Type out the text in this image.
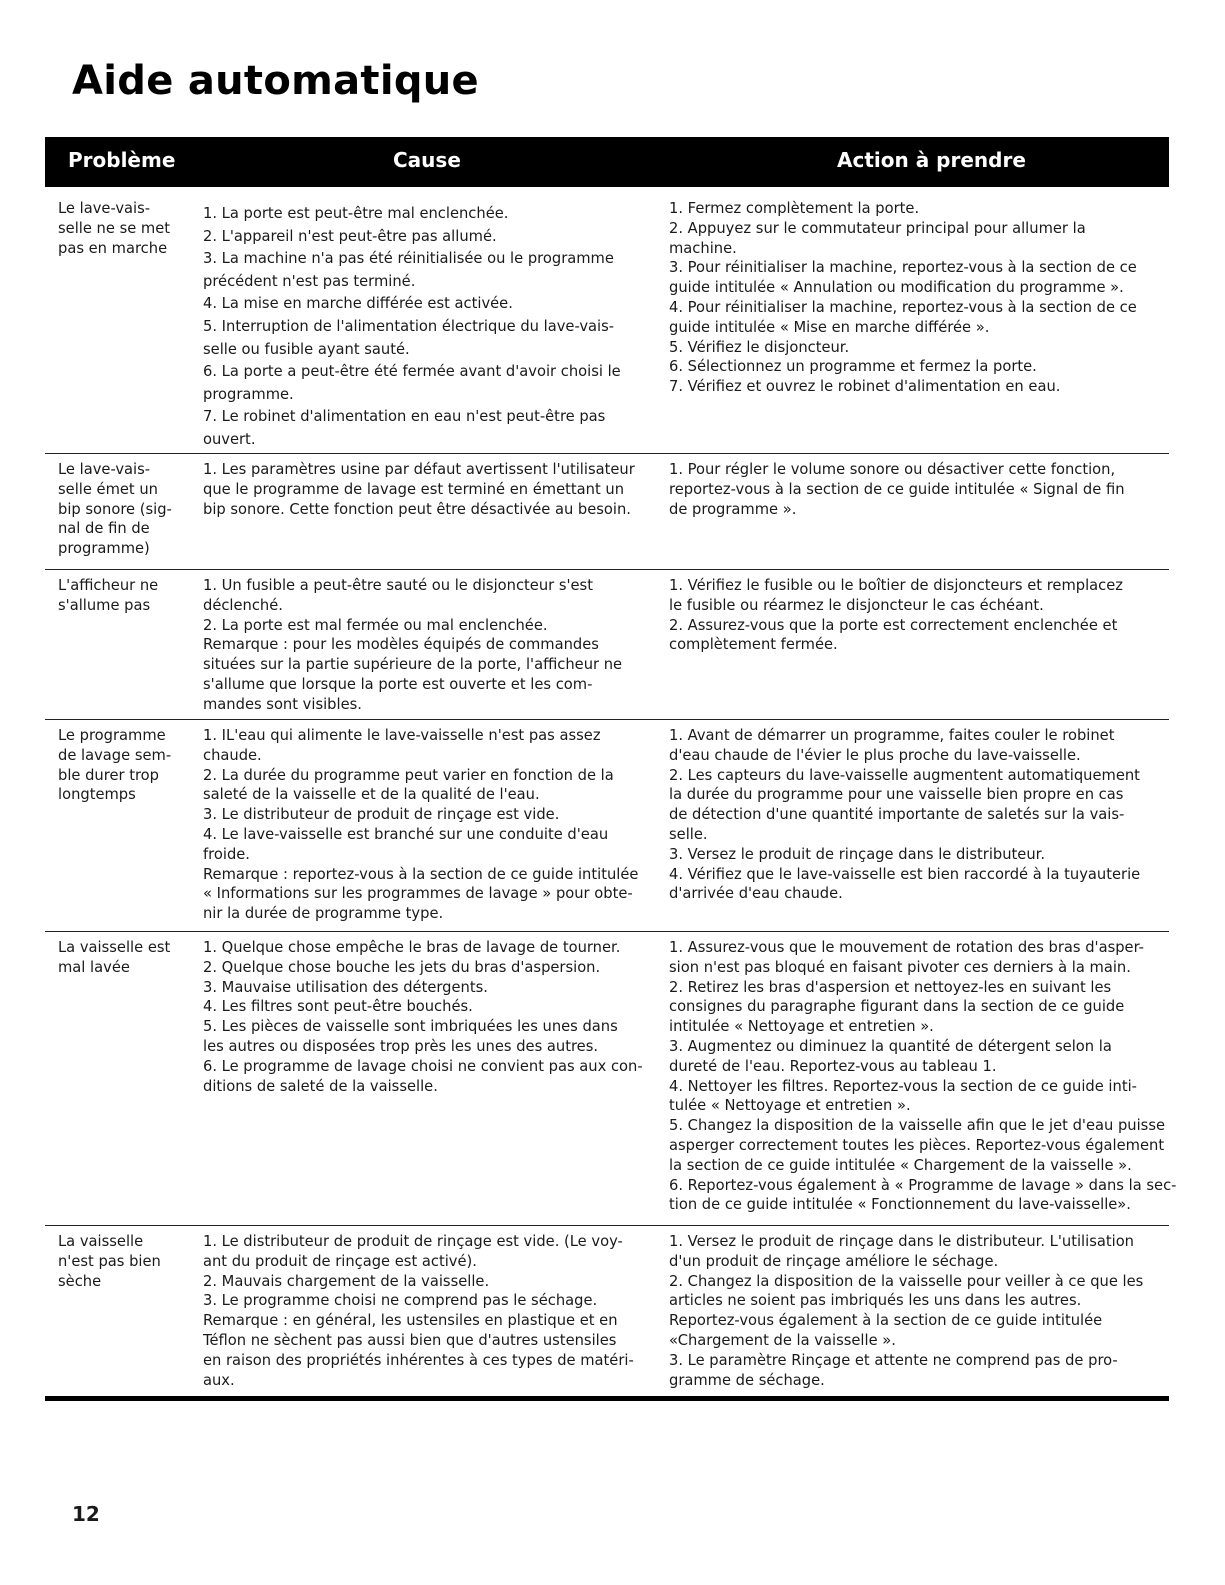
Aide automatique
Problème	Cause	Action à prendre
Le lave-vais-
selle ne se met
pas en marche
1. La porte est peut-être mal enclenchée.
2. L'appareil n'est peut-être pas allumé.
3. La machine n'a pas été réinitialisée ou le programme
précédent n'est pas terminé.
4. La mise en marche différée est activée.
5. Interruption de l'alimentation électrique du lave-vais-
selle ou fusible ayant sauté.
6. La porte a peut-être été fermée avant d'avoir choisi le
programme.
7. Le robinet d'alimentation en eau n'est peut-être pas
ouvert.
1. Fermez complètement la porte.
2. Appuyez sur le commutateur principal pour allumer la
machine.
3. Pour réinitialiser la machine, reportez-vous à la section de ce
guide intitulée « Annulation ou modification du programme ».
4. Pour réinitialiser la machine, reportez-vous à la section de ce
guide intitulée « Mise en marche différée ».
5. Vérifiez le disjoncteur.
6. Sélectionnez un programme et fermez la porte.
7. Vérifiez et ouvrez le robinet d'alimentation en eau.
Le lave-vais-
selle émet un
bip sonore (sig-
nal de fin de
programme)
1. Les paramètres usine par défaut avertissent l'utilisateur
que le programme de lavage est terminé en émettant un
bip sonore. Cette fonction peut être désactivée au besoin.
1. Pour régler le volume sonore ou désactiver cette fonction,
reportez-vous à la section de ce guide intitulée « Signal de fin
de programme ».
L'afficheur ne
s'allume pas
1. Un fusible a peut-être sauté ou le disjoncteur s'est
déclenché.
2. La porte est mal fermée ou mal enclenchée.
Remarque : pour les modèles équipés de commandes
situées sur la partie supérieure de la porte, l'afficheur ne
s'allume que lorsque la porte est ouverte et les com-
mandes sont visibles.
1. Vérifiez le fusible ou le boîtier de disjoncteurs et remplacez
le fusible ou réarmez le disjoncteur le cas échéant.
2. Assurez-vous que la porte est correctement enclenchée et
complètement fermée.
Le programme
de lavage sem-
ble durer trop
longtemps
1. IL'eau qui alimente le lave-vaisselle n'est pas assez
chaude.
2. La durée du programme peut varier en fonction de la
saleté de la vaisselle et de la qualité de l'eau.
3. Le distributeur de produit de rinçage est vide.
4. Le lave-vaisselle est branché sur une conduite d'eau
froide.
Remarque : reportez-vous à la section de ce guide intitulée
« Informations sur les programmes de lavage » pour obte-
nir la durée de programme type.
1. Avant de démarrer un programme, faites couler le robinet
d'eau chaude de l'évier le plus proche du lave-vaisselle.
2. Les capteurs du lave-vaisselle augmentent automatiquement
la durée du programme pour une vaisselle bien propre en cas
de détection d'une quantité importante de saletés sur la vais-
selle.
3. Versez le produit de rinçage dans le distributeur.
4. Vérifiez que le lave-vaisselle est bien raccordé à la tuyauterie
d'arrivée d'eau chaude.
La vaisselle est
mal lavée
1. Quelque chose empêche le bras de lavage de tourner.
2. Quelque chose bouche les jets du bras d'aspersion.
3. Mauvaise utilisation des détergents.
4. Les filtres sont peut-être bouchés.
5. Les pièces de vaisselle sont imbriquées les unes dans
les autres ou disposées trop près les unes des autres.
6. Le programme de lavage choisi ne convient pas aux con-
ditions de saleté de la vaisselle.
1. Assurez-vous que le mouvement de rotation des bras d'asper-
sion n'est pas bloqué en faisant pivoter ces derniers à la main.
2. Retirez les bras d'aspersion et nettoyez-les en suivant les
consignes du paragraphe figurant dans la section de ce guide
intitulée « Nettoyage et entretien ».
3. Augmentez ou diminuez la quantité de détergent selon la
dureté de l'eau. Reportez-vous au tableau 1.
4. Nettoyer les filtres. Reportez-vous la section de ce guide inti-
tulée « Nettoyage et entretien ».
5. Changez la disposition de la vaisselle afin que le jet d'eau puisse
asperger correctement toutes les pièces. Reportez-vous également
la section de ce guide intitulée « Chargement de la vaisselle ».
6. Reportez-vous également à « Programme de lavage » dans la sec-
tion de ce guide intitulée « Fonctionnement du lave-vaisselle».
La vaisselle
n'est pas bien
sèche
1. Le distributeur de produit de rinçage est vide. (Le voy-
ant du produit de rinçage est activé).
2. Mauvais chargement de la vaisselle.
3. Le programme choisi ne comprend pas le séchage.
Remarque : en général, les ustensiles en plastique et en
Téflon ne sèchent pas aussi bien que d'autres ustensiles
en raison des propriétés inhérentes à ces types de matéri-
aux.
1. Versez le produit de rinçage dans le distributeur. L'utilisation
d'un produit de rinçage améliore le séchage.
2. Changez la disposition de la vaisselle pour veiller à ce que les
articles ne soient pas imbriqués les uns dans les autres.
Reportez-vous également à la section de ce guide intitulée
«Chargement de la vaisselle ».
3. Le paramètre Rinçage et attente ne comprend pas de pro-
gramme de séchage.
12
